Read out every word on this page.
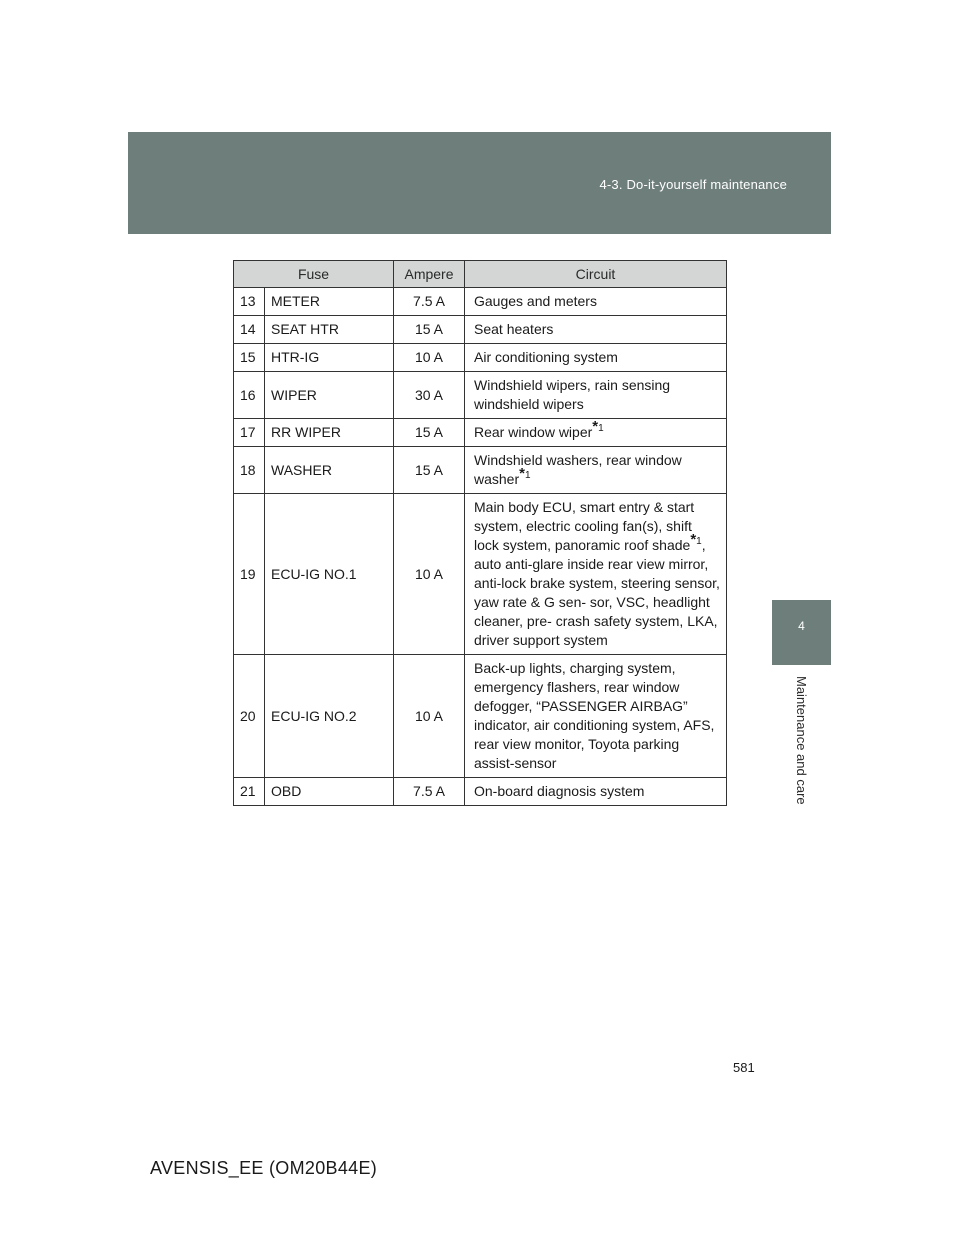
4-3. Do-it-yourself maintenance
4
Maintenance and care
Fuse		Ampere	Circuit
13	METER	7.5 A	Gauges and meters
14	SEAT HTR	15 A	Seat heaters
15	HTR-IG	10 A	Air conditioning system
16	WIPER	30 A	Windshield wipers, rain sensing windshield wipers
17	RR WIPER	15 A	Rear window wiper$^{*1}$
18	WASHER	15 A	Windshield washers, rear window washer$^{*1}$
19	ECU-IG NO.1	10 A	Main body ECU, smart entry & start system, electric cooling fan(s), shift lock system, panoramic roof shade$^{*1}$, auto anti-glare inside rear view mirror, anti-lock brake system, steering sensor, yaw rate & G sen- sor, VSC, headlight cleaner, pre- crash safety system, LKA, driver support system
20	ECU-IG NO.2	10 A	Back-up lights, charging system, emergency flashers, rear window defogger, “PASSENGER AIRBAG” indicator, air conditioning system, AFS, rear view monitor, Toyota parking assist-sensor
21	OBD	7.5 A	On-board diagnosis system
581
AVENSIS_EE (OM20B44E)
